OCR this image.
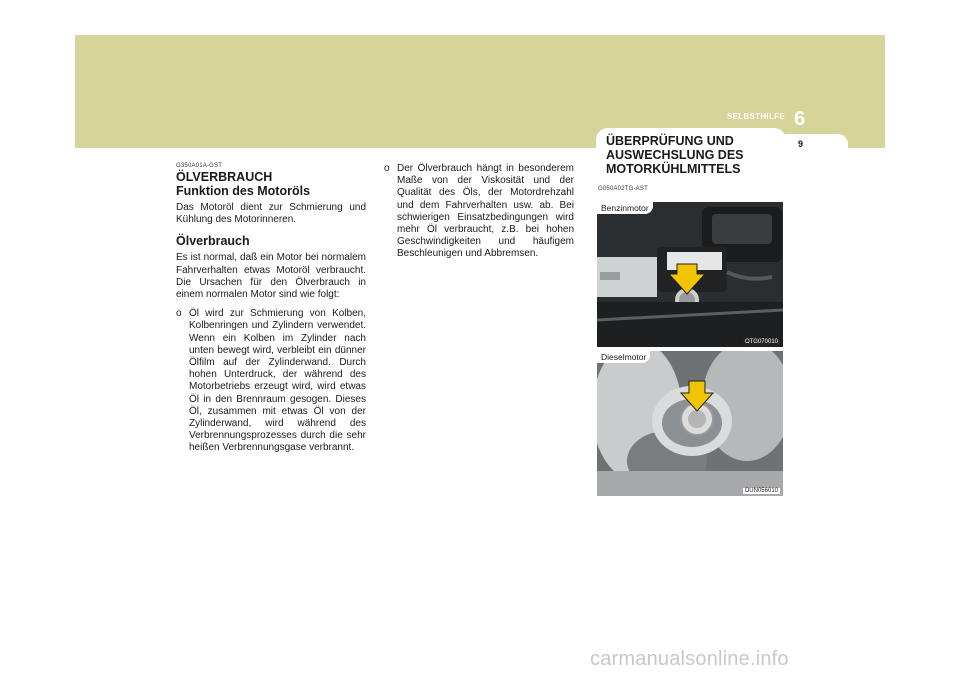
SELBSTHILFE 6
9
ÜBERPRÜFUNG UND AUSWECHSLUNG DES MOTORKÜHLMITTELS
G350A01A-GST
ÖLVERBRAUCH
Funktion des Motoröls
Das Motoröl dient zur Schmierung und Kühlung des Motorinneren.
Ölverbrauch
Es ist normal, daß ein Motor bei normalem Fahrverhalten etwas Motoröl verbraucht. Die Ursachen für den Ölverbrauch in einem normalen Motor sind wie folgt:
o Öl wird zur Schmierung von Kolben, Kolbenringen und Zylindern verwendet. Wenn ein Kolben im Zylinder nach unten bewegt wird, verbleibt ein dünner Ölfilm auf der Zylinderwand. Durch hohen Unterdruck, der während des Motorbetriebs erzeugt wird, wird etwas Öl in den Brennraum gesogen. Dieses Öl, zusammen mit etwas Öl von der Zylinderwand, wird während des Verbrennungsprozesses durch die sehr heißen Verbrennungsgase verbrannt.
o Der Ölverbrauch hängt in besonderem Maße von der Viskosität und der Qualität des Öls, der Motordrehzahl und dem Fahrverhalten usw. ab. Bei schwierigen Einsatzbedingungen wird mehr Öl verbraucht, z.B. bei hohen Geschwindigkeiten und häufigem Beschleunigen und Abbremsen.
G050A02TG-AST
Benzinmotor
OTG070010
Dieselmotor
OUN056010
carmanualsonline.info
